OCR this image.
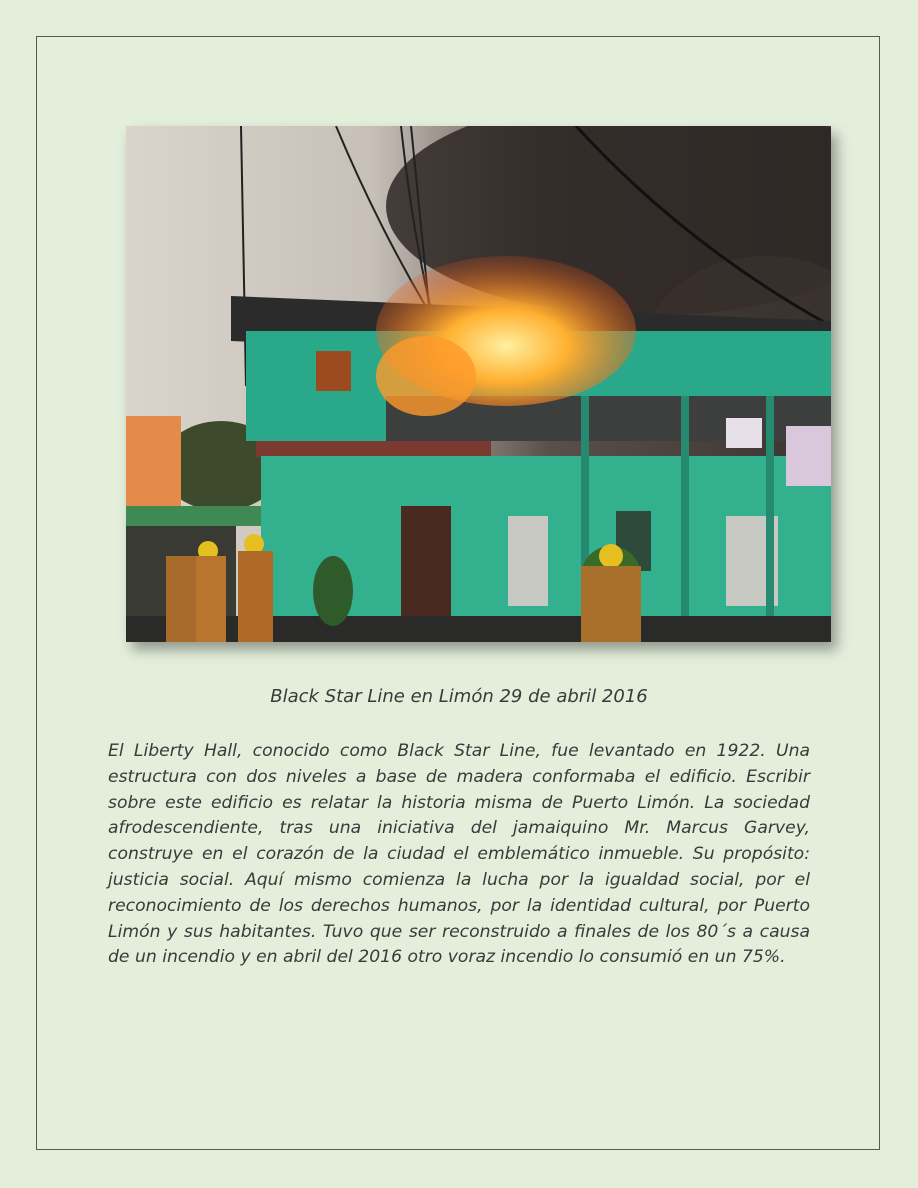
Black Star Line en Limón 29 de abril 2016

El Liberty Hall, conocido como Black Star Line, fue levantado en 1922. Una estructura con dos niveles a base de madera conformaba el edificio. Escribir sobre este edificio es relatar la historia misma de Puerto Limón. La sociedad afrodescendiente, tras una iniciativa del jamaiquino Mr. Marcus Garvey, construye en el corazón de la ciudad el emblemático inmueble. Su propósito: justicia social. Aquí mismo comienza la lucha por la igualdad social, por el reconocimiento de los derechos humanos, por la identidad cultural, por Puerto Limón y sus habitantes. Tuvo que ser reconstruido a finales de los 80´s a causa de un incendio y en abril del 2016 otro voraz incendio lo consumió en un 75%.
